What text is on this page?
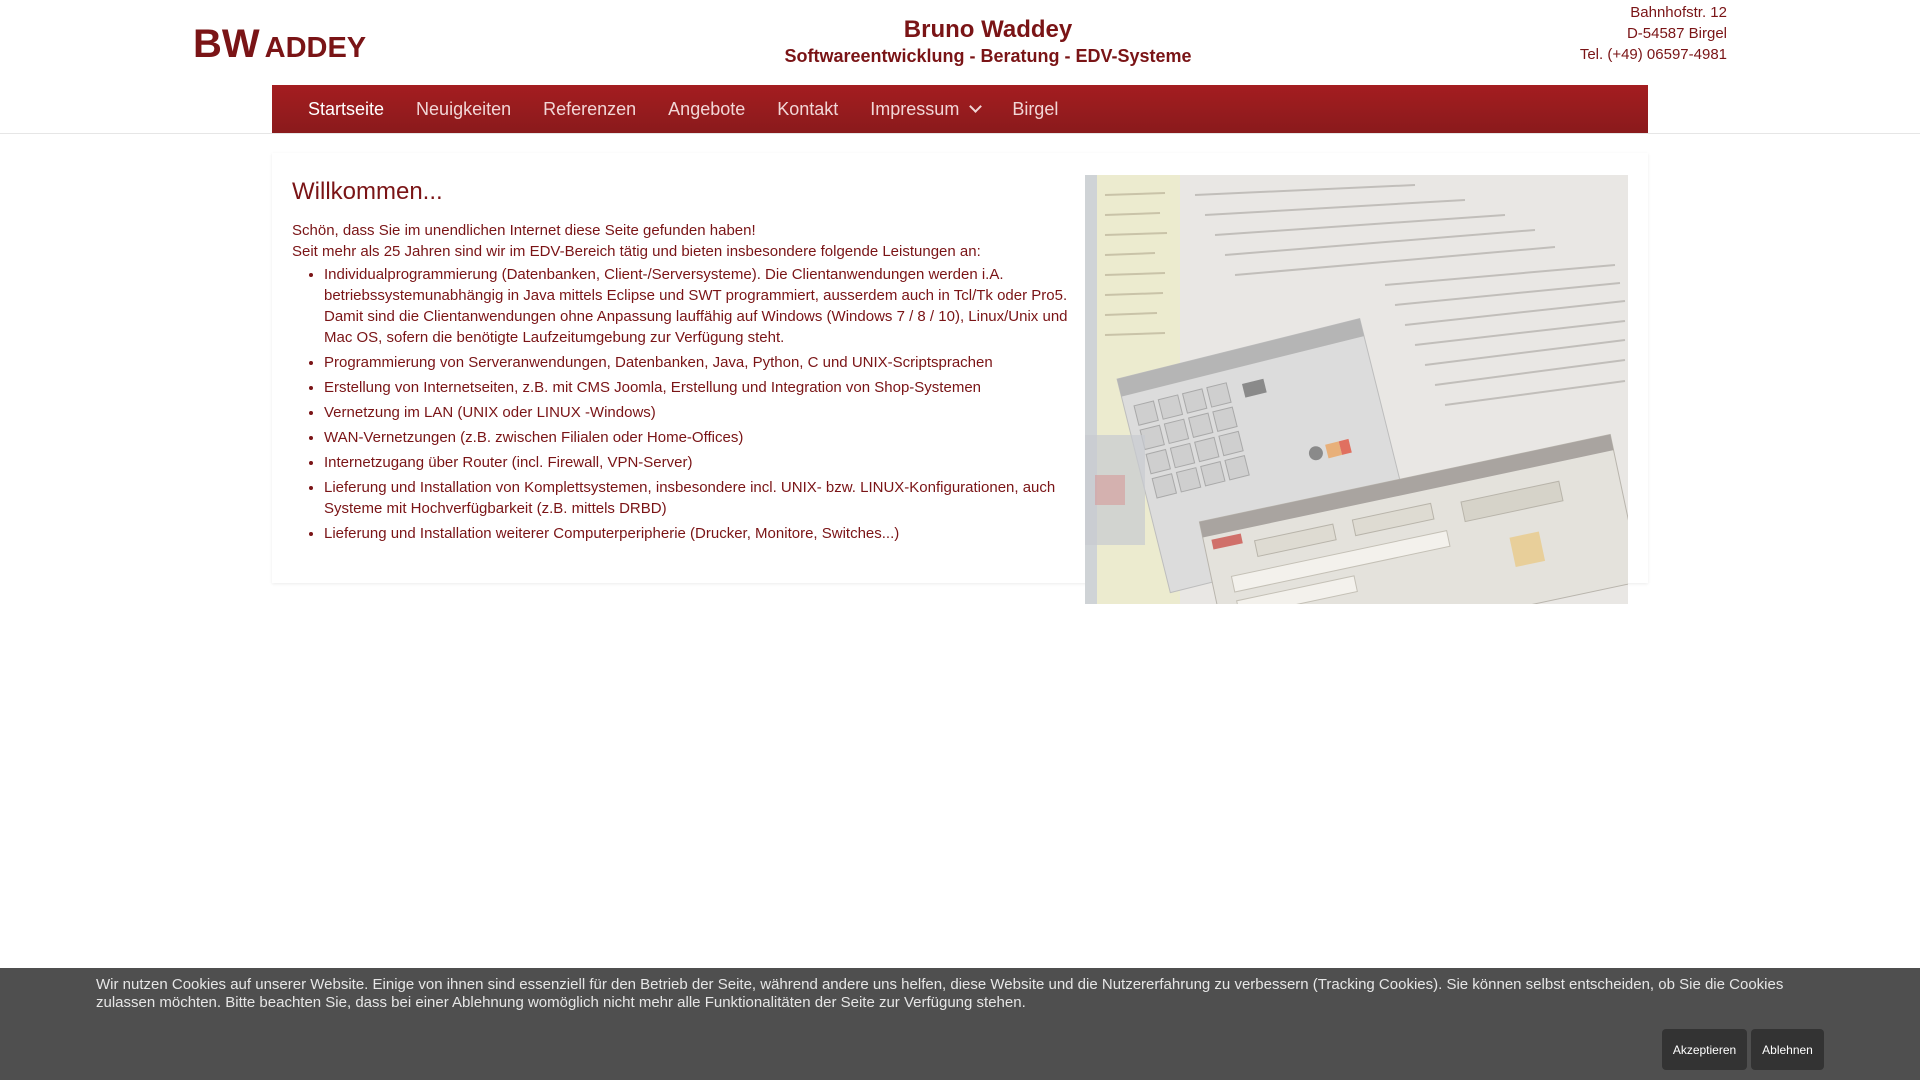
BW ADDEY
Bruno Waddey
Softwareentwicklung - Beratung - EDV-Systeme
Bahnhofstr. 12
D-54587 Birgel
Tel. (+49) 06597-4981
Startseite Neuigkeiten Referenzen Angebote Kontakt Impressum	Birgel
Willkommen...

Schön, dass Sie im unendlichen Internet diese Seite gefunden haben!

Seit mehr als 25 Jahren sind wir im EDV-Bereich tätig und bieten insbesondere folgende Leistungen an:

• Individualprogrammierung (Datenbanken, Client-/Serversysteme). Die Clientanwendungen werden i.A. betriebssystemunabhängig in Java mittels Eclipse und SWT programmiert, ausserdem auch in Tcl/Tk oder Pro5. Damit sind die Clientanwendungen ohne Anpassung lauffähig auf Windows (Windows 7 / 8 / 10), Linux/Unix und Mac OS, sofern die benötigte Laufzeitumgebung zur Verfügung steht.
• Programmierung von Serveranwendungen, Datenbanken, Java, Python, C und UNIX-Scriptsprachen
• Erstellung von Internetseiten, z.B. mit CMS Joomla, Erstellung und Integration von Shop-Systemen
• Vernetzung im LAN (UNIX oder LINUX -Windows)
• WAN-Vernetzungen (z.B. zwischen Filialen oder Home-Offices)
• Internetzugang über Router (incl. Firewall, VPN-Server)
• Lieferung und Installation von Komplettsystemen, insbesondere incl. UNIX- bzw. LINUX-Konfigurationen, auch Systeme mit Hochverfügbarkeit (z.B. mittels DRBD)
• Lieferung und Installation weiterer Computerperipherie (Drucker, Monitore, Switches...)
Wir nutzen Cookies auf unserer Website. Einige von ihnen sind essenziell für den Betrieb der Seite, während andere uns helfen, diese Website und die Nutzererfahrung zu verbessern (Tracking Cookies). Sie können selbst entscheiden, ob Sie die Cookies zulassen möchten. Bitte beachten Sie, dass bei einer Ablehnung womöglich nicht mehr alle Funktionalitäten der Seite zur Verfügung stehen.
Akzeptieren	Ablehnen
